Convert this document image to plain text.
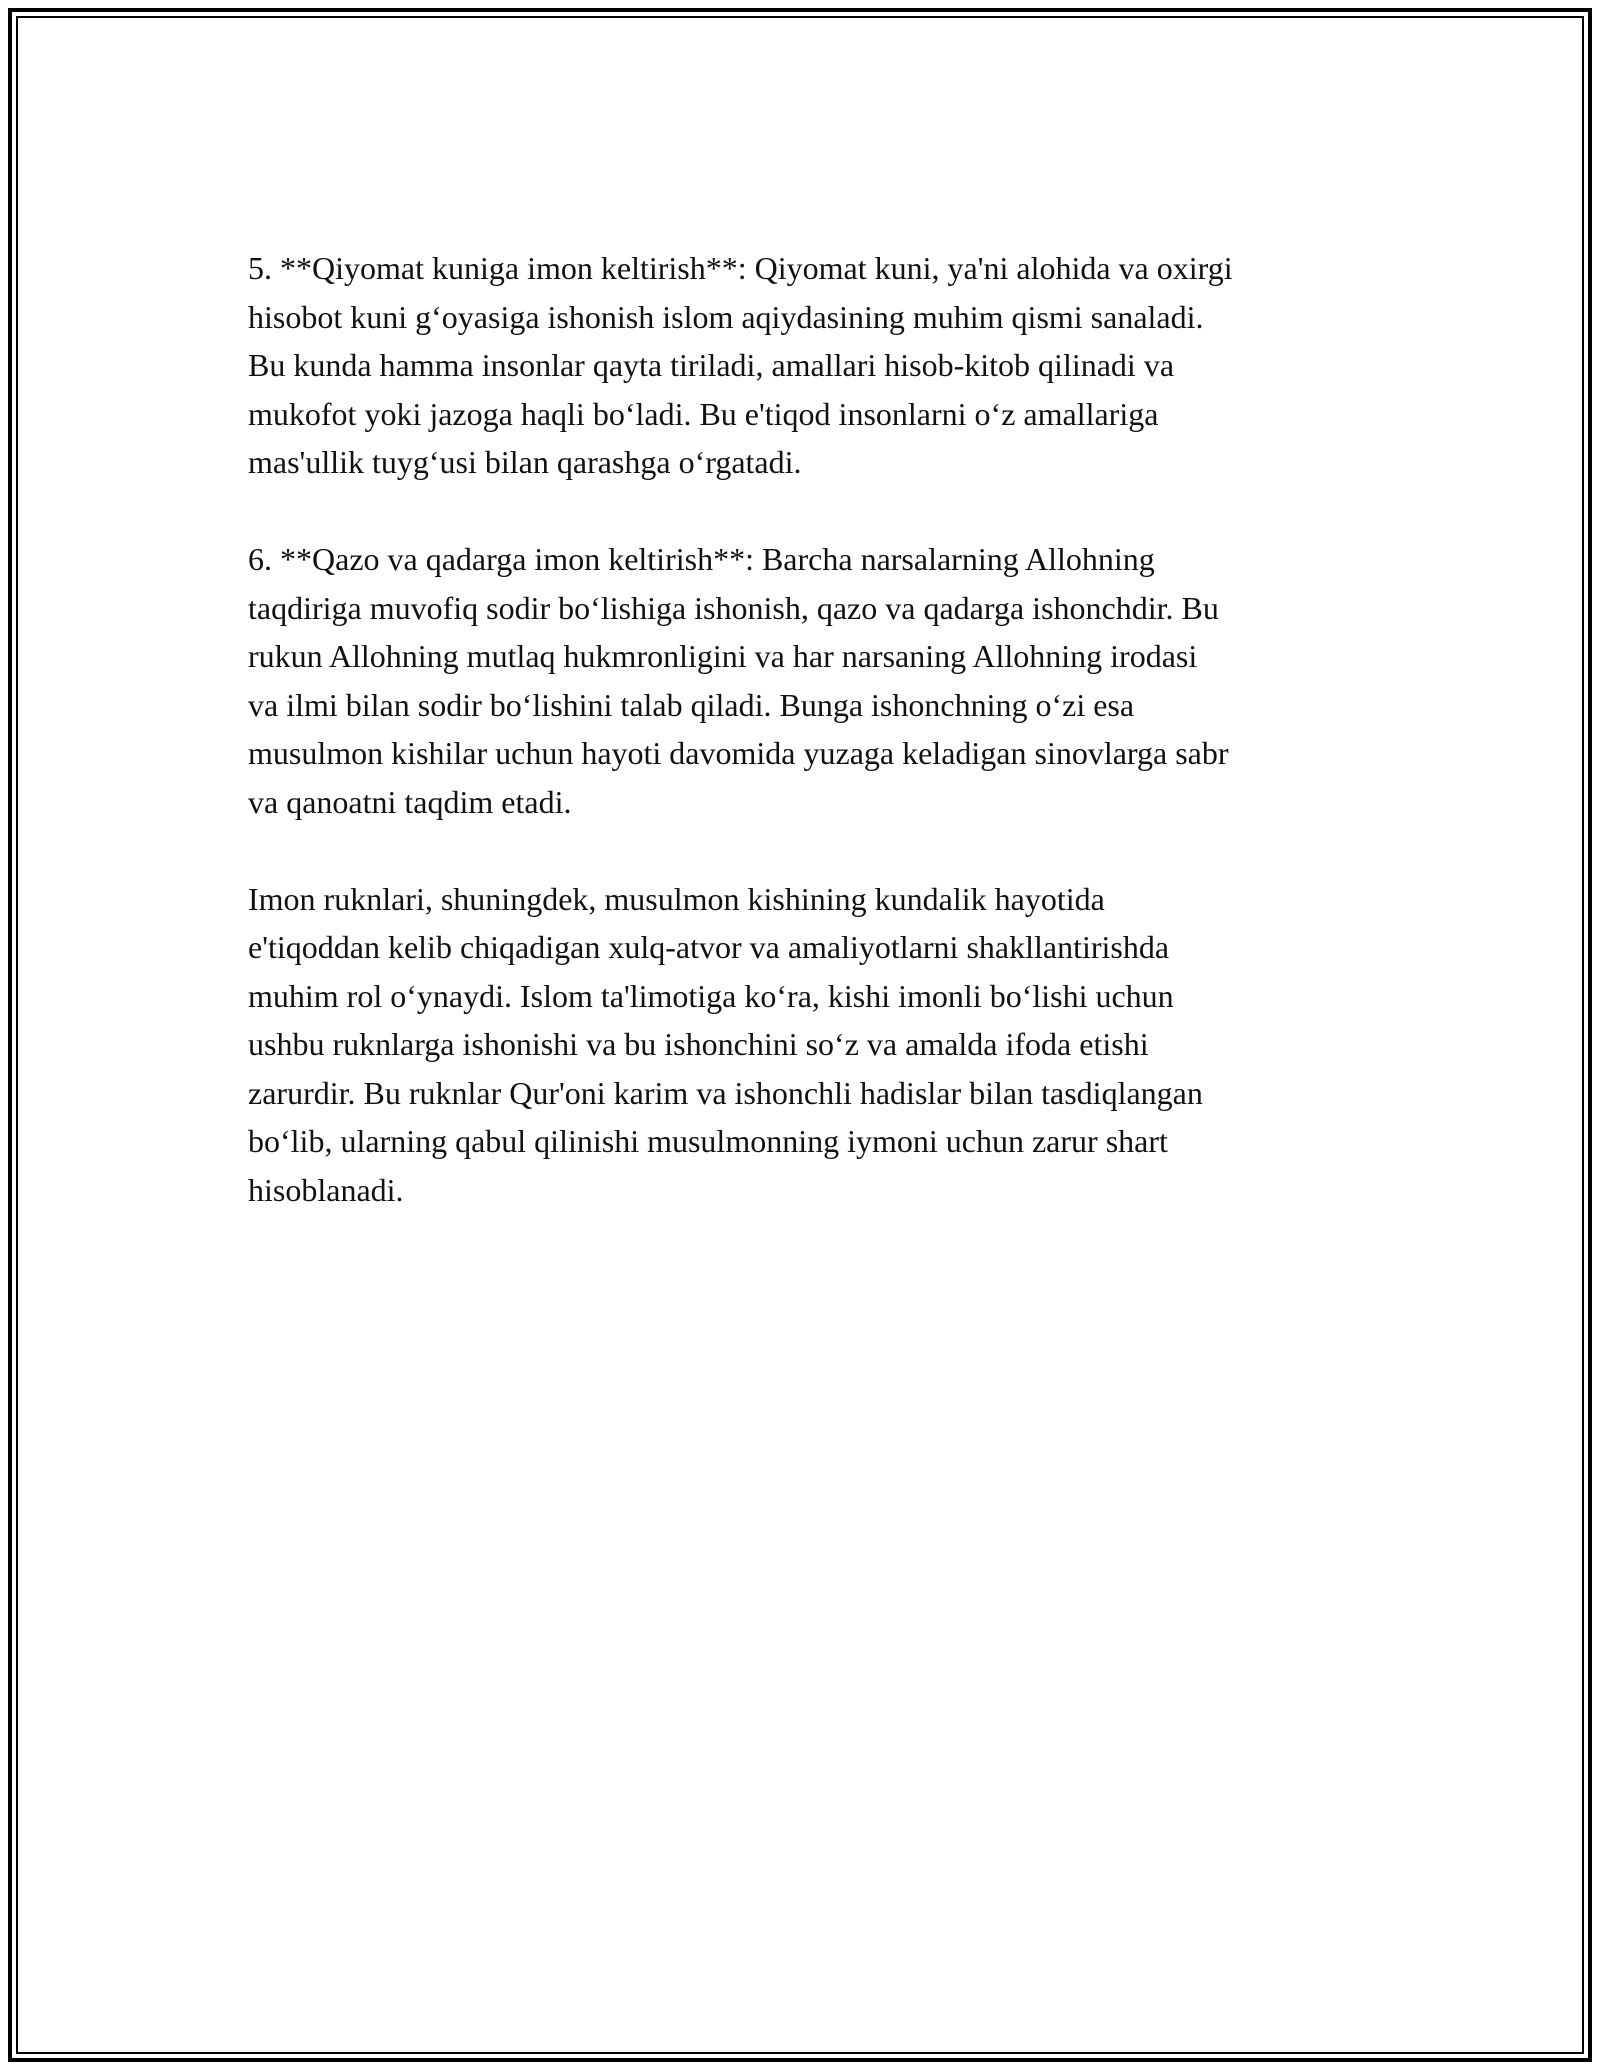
5. **Qiyomat kuniga imon keltirish**: Qiyomat kuni, ya'ni alohida va oxirgi
hisobot kuni g‘oyasiga ishonish islom aqiydasining muhim qismi sanaladi.
Bu kunda hamma insonlar qayta tiriladi, amallari hisob-kitob qilinadi va
mukofot yoki jazoga haqli bo‘ladi. Bu e'tiqod insonlarni o‘z amallariga
mas'ullik tuyg‘usi bilan qarashga o‘rgatadi.

6. **Qazo va qadarga imon keltirish**: Barcha narsalarning Allohning
taqdiriga muvofiq sodir bo‘lishiga ishonish, qazo va qadarga ishonchdir. Bu
rukun Allohning mutlaq hukmronligini va har narsaning Allohning irodasi
va ilmi bilan sodir bo‘lishini talab qiladi. Bunga ishonchning o‘zi esa
musulmon kishilar uchun hayoti davomida yuzaga keladigan sinovlarga sabr
va qanoatni taqdim etadi.

Imon ruknlari, shuningdek, musulmon kishining kundalik hayotida
e'tiqoddan kelib chiqadigan xulq-atvor va amaliyotlarni shakllantirishda
muhim rol o‘ynaydi. Islom ta'limotiga ko‘ra, kishi imonli bo‘lishi uchun
ushbu ruknlarga ishonishi va bu ishonchini so‘z va amalda ifoda etishi
zarurdir. Bu ruknlar Qur'oni karim va ishonchli hadislar bilan tasdiqlangan
bo‘lib, ularning qabul qilinishi musulmonning iymoni uchun zarur shart
hisoblanadi.
